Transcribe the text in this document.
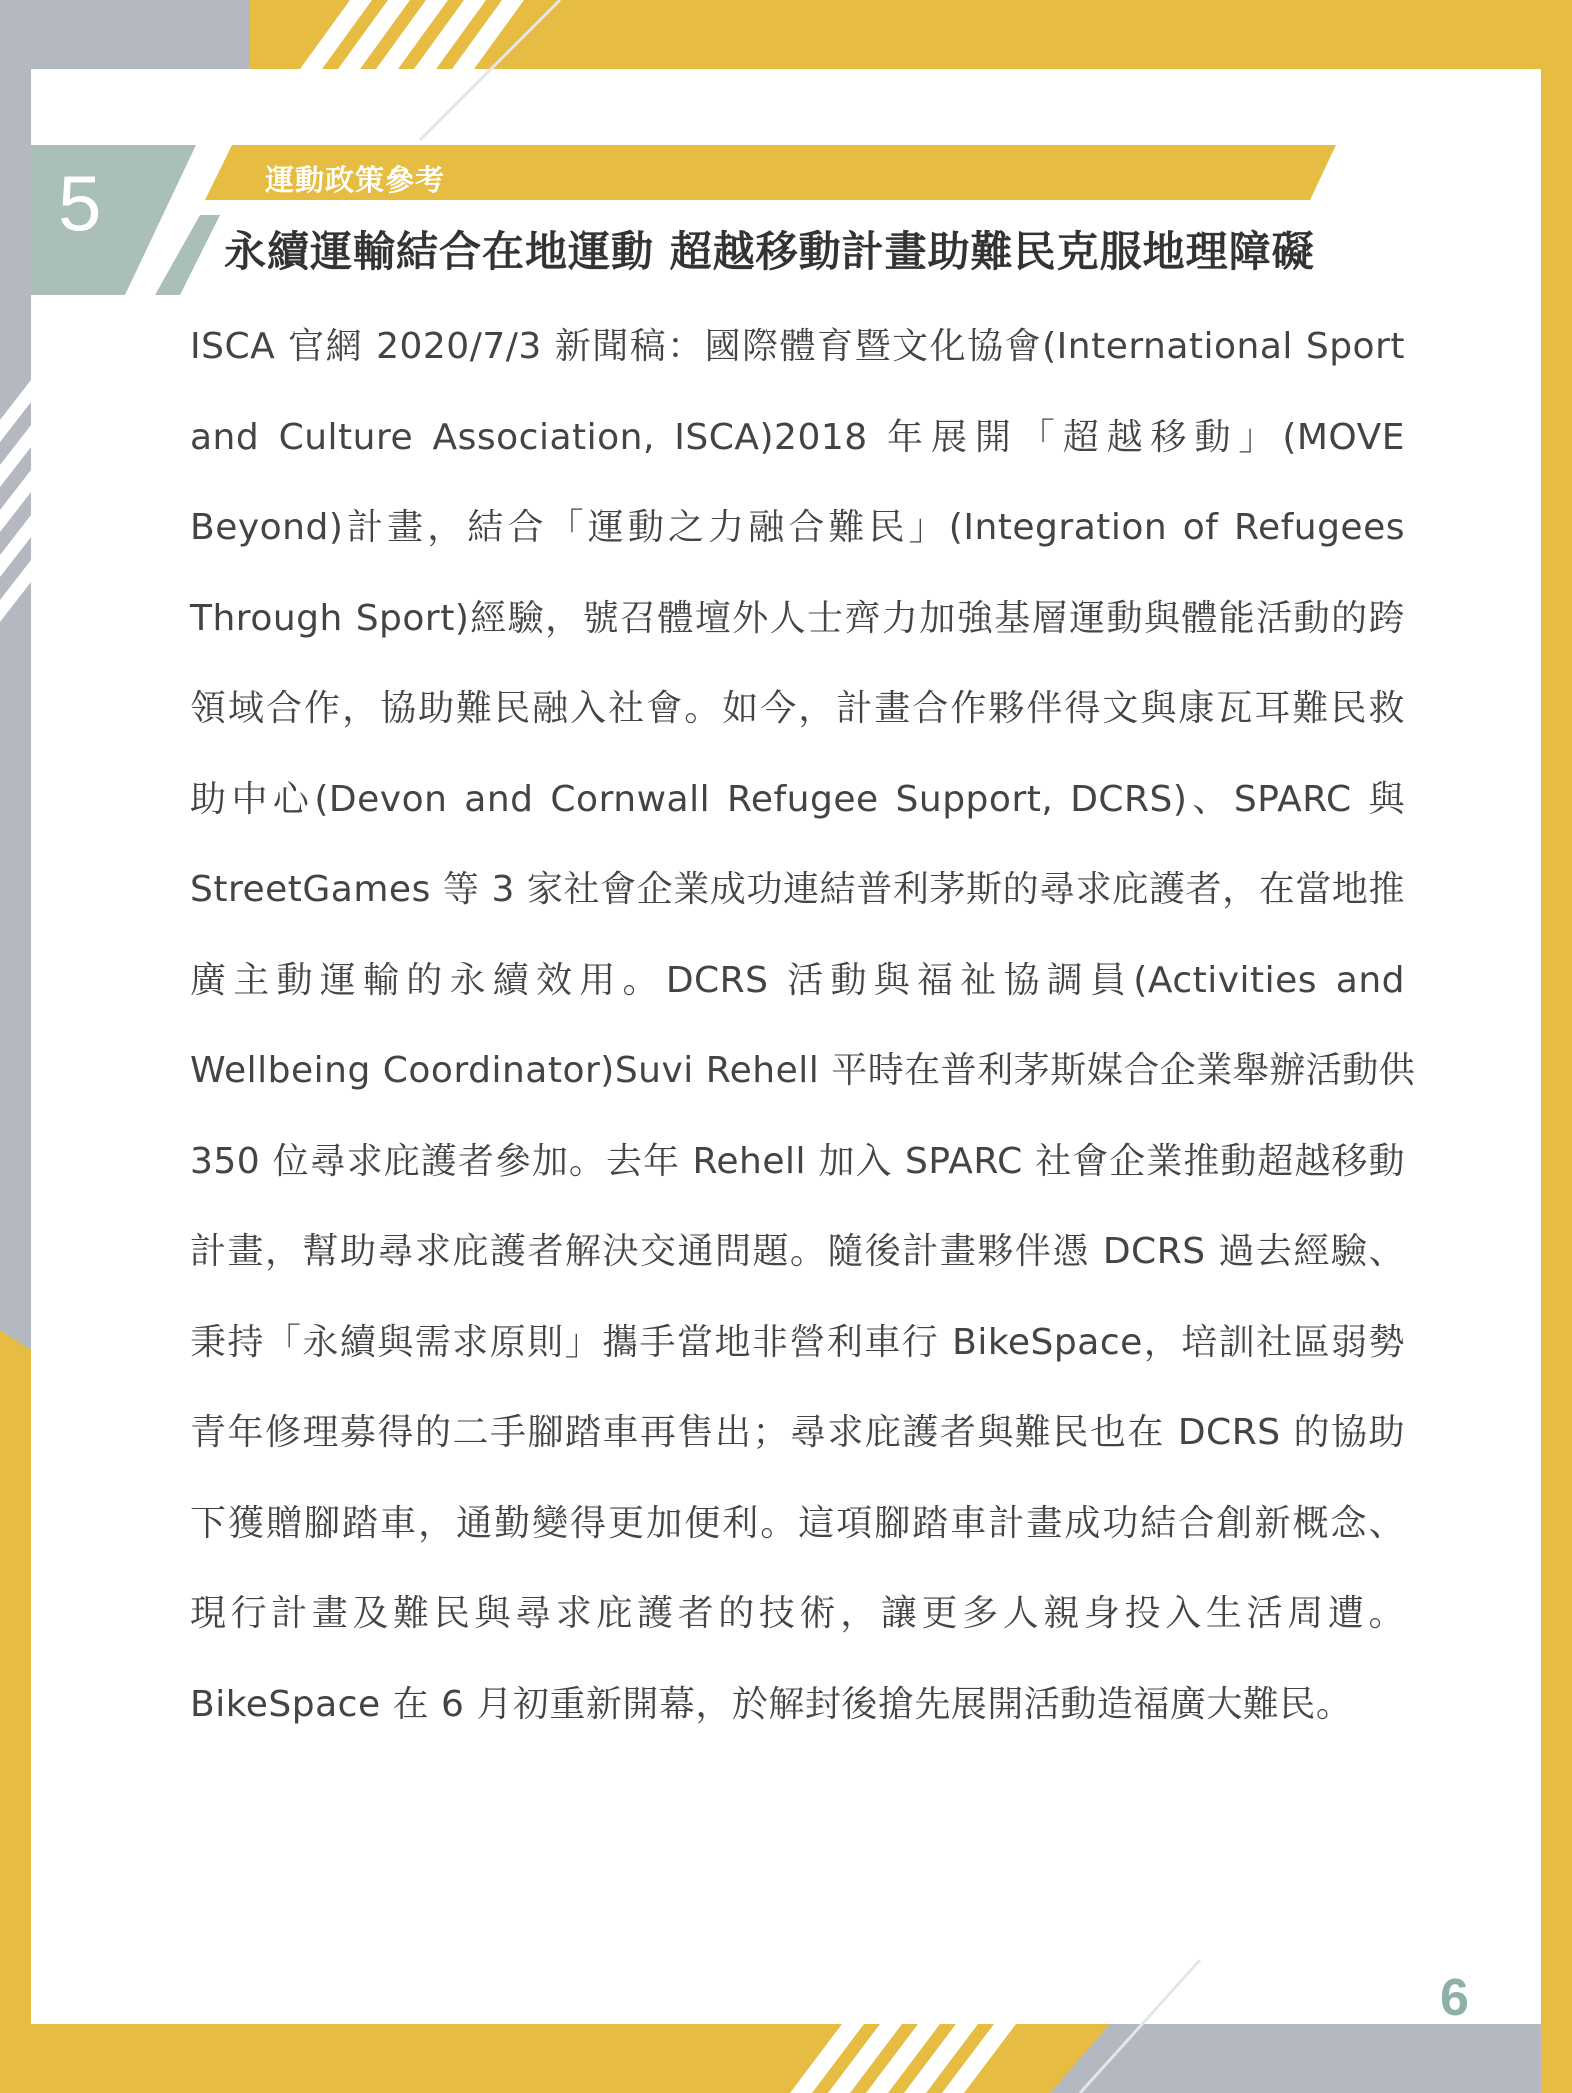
5	運動政策參考
永續運輸結合在地運動 超越移動計畫助難民克服地理障礙
ISCA 官網 2020/7/3 新聞稿：國際體育暨文化協會(International Sport
and Culture Association, ISCA)2018 年展開「超越移動」(MOVE
Beyond)計畫，結合「運動之力融合難民」(Integration of Refugees
Through Sport)經驗，號召體壇外人士齊力加強基層運動與體能活動的跨
領域合作，協助難民融入社會。如今，計畫合作夥伴得文與康瓦耳難民救
助中心(Devon and Cornwall Refugee Support, DCRS)、SPARC 與
StreetGames 等 3 家社會企業成功連結普利茅斯的尋求庇護者，在當地推
廣主動運輸的永續效用。DCRS 活動與福祉協調員(Activities and
Wellbeing Coordinator)Suvi Rehell 平時在普利茅斯媒合企業舉辦活動供
350 位尋求庇護者參加。去年 Rehell 加入 SPARC 社會企業推動超越移動
計畫，幫助尋求庇護者解決交通問題。隨後計畫夥伴憑 DCRS 過去經驗、
秉持「永續與需求原則」攜手當地非營利車行 BikeSpace，培訓社區弱勢
青年修理募得的二手腳踏車再售出；尋求庇護者與難民也在 DCRS 的協助
下獲贈腳踏車，通勤變得更加便利。這項腳踏車計畫成功結合創新概念、
現行計畫及難民與尋求庇護者的技術，讓更多人親身投入生活周遭。
BikeSpace 在 6 月初重新開幕，於解封後搶先展開活動造福廣大難民。
6
